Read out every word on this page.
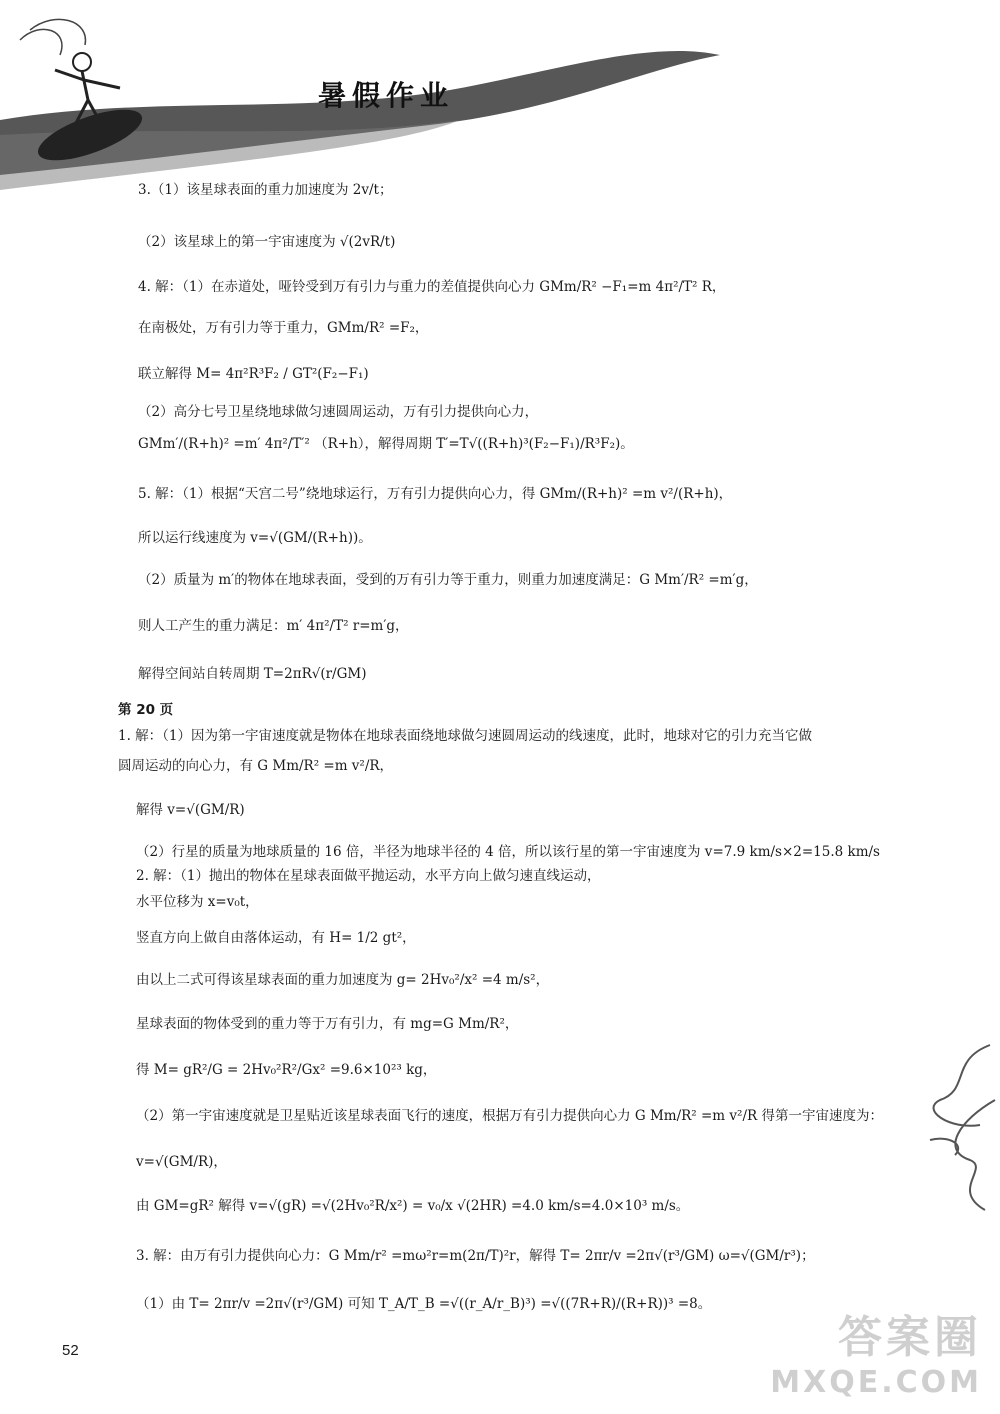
暑假作业
3.（1）该星球表面的重力加速度为 2v/t；
（2）该星球上的第一宇宙速度为 √(2vR/t)
4. 解：（1）在赤道处，哑铃受到万有引力与重力的差值提供向心力 GMm/R² −F₁=m 4π²/T² R，
在南极处，万有引力等于重力，GMm/R² =F₂，
联立解得 M= 4π²R³F₂ / GT²(F₂−F₁)
（2）高分七号卫星绕地球做匀速圆周运动，万有引力提供向心力，
GMm′/(R+h)² =m′ 4π²/T′² （R+h），解得周期 T′=T√((R+h)³(F₂−F₁)/R³F₂)。
5. 解：（1）根据“天宫二号”绕地球运行，万有引力提供向心力，得 GMm/(R+h)² =m v²/(R+h)，
所以运行线速度为 v=√(GM/(R+h))。
（2）质量为 m′的物体在地球表面，受到的万有引力等于重力，则重力加速度满足：G Mm′/R² =m′g，
则人工产生的重力满足：m′ 4π²/T² r=m′g，
解得空间站自转周期 T=2πR√(r/GM)
第 20 页
1. 解：（1）因为第一宇宙速度就是物体在地球表面绕地球做匀速圆周运动的线速度，此时，地球对它的引力充当它做
圆周运动的向心力，有 G Mm/R² =m v²/R，
解得 v=√(GM/R)
（2）行星的质量为地球质量的 16 倍，半径为地球半径的 4 倍，所以该行星的第一宇宙速度为 v=7.9 km/s×2=15.8 km/s
2. 解：（1）抛出的物体在星球表面做平抛运动，水平方向上做匀速直线运动，
水平位移为 x=v₀t，
竖直方向上做自由落体运动，有 H= 1/2 gt²，
由以上二式可得该星球表面的重力加速度为 g= 2Hv₀²/x² =4 m/s²，
星球表面的物体受到的重力等于万有引力，有 mg=G Mm/R²，
得 M= gR²/G = 2Hv₀²R²/Gx² =9.6×10²³ kg，
（2）第一宇宙速度就是卫星贴近该星球表面飞行的速度，根据万有引力提供向心力 G Mm/R² =m v²/R 得第一宇宙速度为：
v=√(GM/R)，
由 GM=gR² 解得 v=√(gR) =√(2Hv₀²R/x²) = v₀/x √(2HR) =4.0 km/s=4.0×10³ m/s。
3. 解：由万有引力提供向心力：G Mm/r² =mω²r=m(2π/T)²r，解得 T= 2πr/v =2π√(r³/GM) ω=√(GM/r³)；
（1）由 T= 2πr/v =2π√(r³/GM) 可知 T_A/T_B =√((r_A/r_B)³) =√((7R+R)/(R+R))³ =8。
52	答案圈
MXQE.COM
